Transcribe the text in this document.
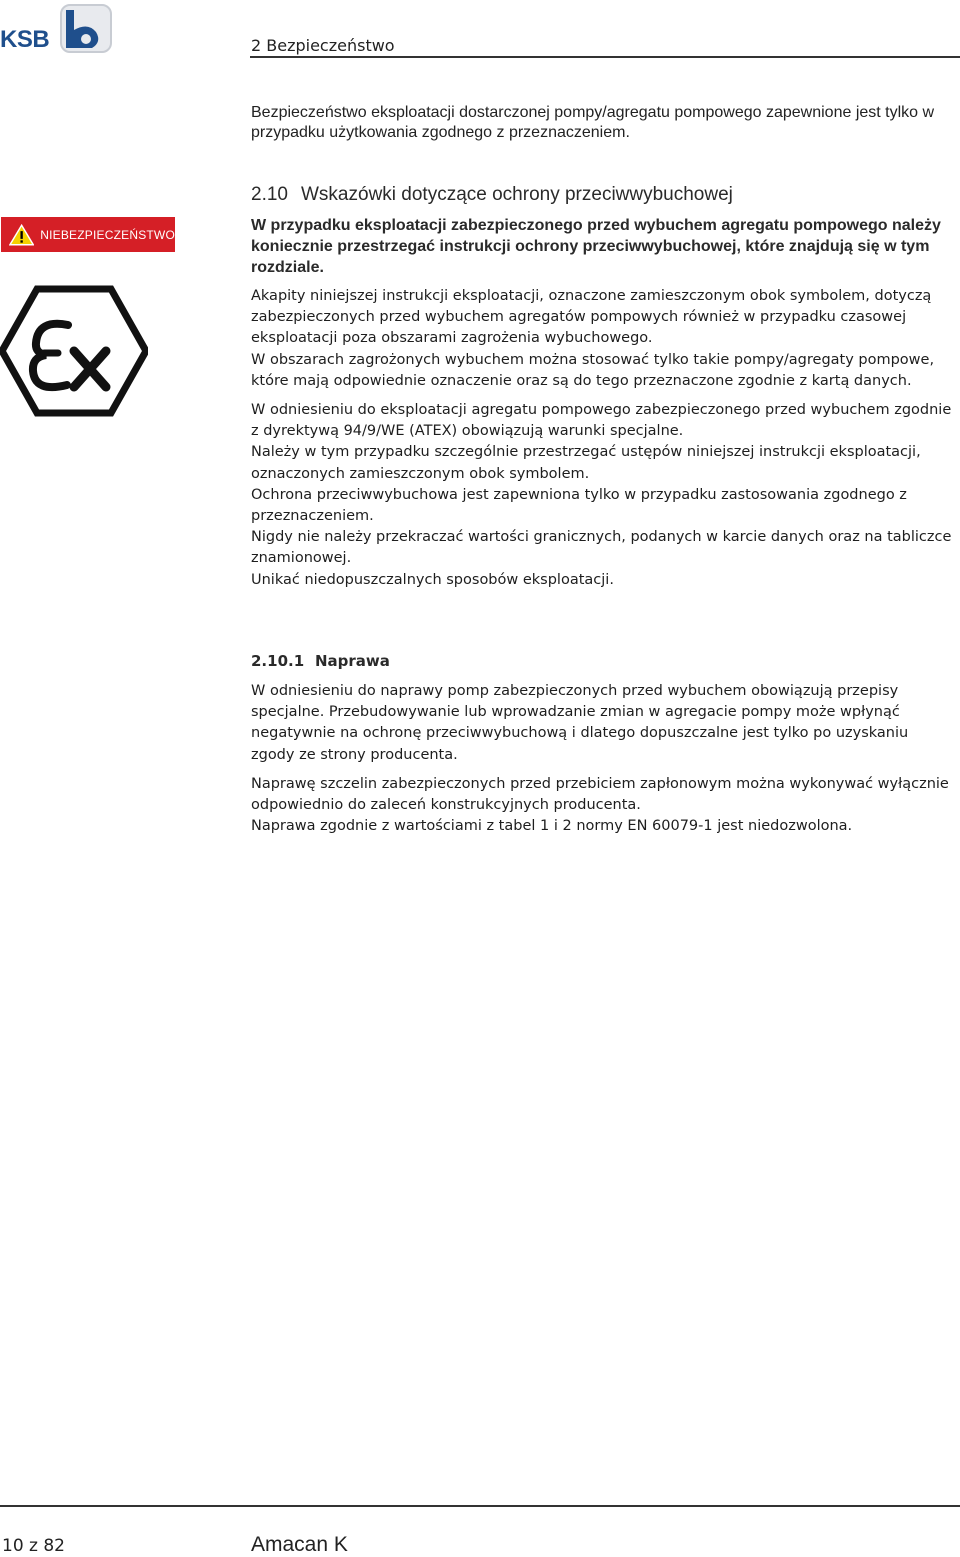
KSB	2 Bezpieczeństwo
Bezpieczeństwo eksploatacji dostarczonej pompy/agregatu pompowego zapewnione jest tylko w przypadku użytkowania zgodnego z przeznaczeniem.
2.10 Wskazówki dotyczące ochrony przeciwwybuchowej
NIEBEZPIECZEŃSTWO
W przypadku eksploatacji zabezpieczonego przed wybuchem agregatu pompowego należy koniecznie przestrzegać instrukcji ochrony przeciwwybuchowej, które znajdują się w tym rozdziale.

Akapity niniejszej instrukcji eksploatacji, oznaczone zamieszczonym obok symbolem, dotyczą zabezpieczonych przed wybuchem agregatów pompowych również w przypadku czasowej eksploatacji poza obszarami zagrożenia wybuchowego.

W obszarach zagrożonych wybuchem można stosować tylko takie pompy/agregaty pompowe, które mają odpowiednie oznaczenie oraz są do tego przeznaczone zgodnie z kartą danych.

W odniesieniu do eksploatacji agregatu pompowego zabezpieczonego przed wybuchem zgodnie z dyrektywą 94/9/WE (ATEX) obowiązują warunki specjalne.

Należy w tym przypadku szczególnie przestrzegać ustępów niniejszej instrukcji eksploatacji, oznaczonych zamieszczonym obok symbolem.

Ochrona przeciwwybuchowa jest zapewniona tylko w przypadku zastosowania zgodnego z przeznaczeniem.

Nigdy nie należy przekraczać wartości granicznych, podanych w karcie danych oraz na tabliczce znamionowej.

Unikać niedopuszczalnych sposobów eksploatacji.

2.10.1 Naprawa

W odniesieniu do naprawy pomp zabezpieczonych przed wybuchem obowiązują przepisy specjalne. Przebudowywanie lub wprowadzanie zmian w agregacie pompy może wpłynąć negatywnie na ochronę przeciwwybuchową i dlatego dopuszczalne jest tylko po uzyskaniu zgody ze strony producenta.

Naprawę szczelin zabezpieczonych przed przebiciem zapłonowym można wykonywać wyłącznie odpowiednio do zaleceń konstrukcyjnych producenta.

Naprawa zgodnie z wartościami z tabel 1 i 2 normy EN 60079-1 jest niedozwolona.

10 z 82	Amacan K
